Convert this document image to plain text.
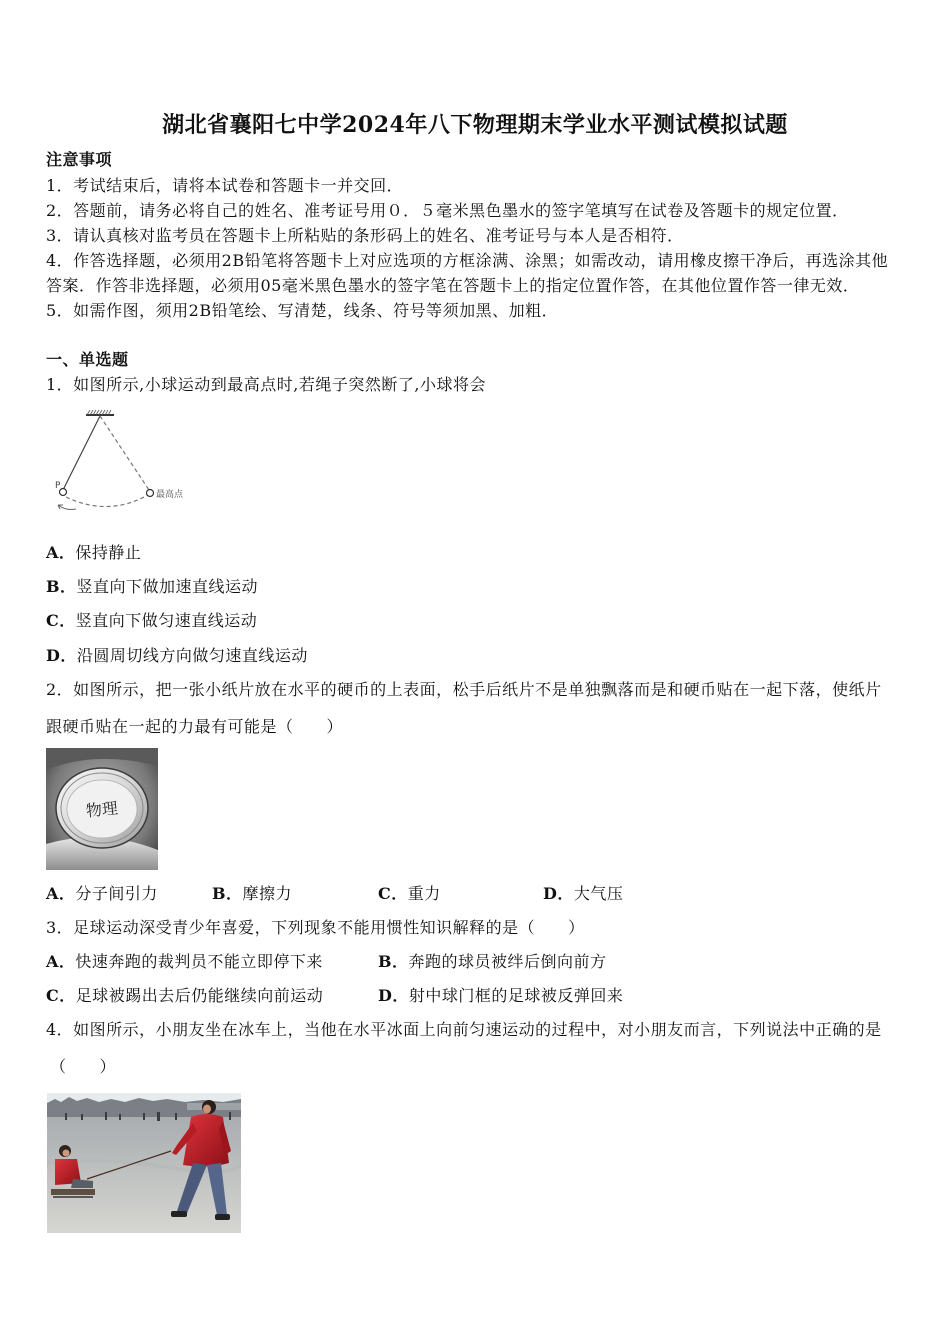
湖北省襄阳七中学2024年八下物理期末学业水平测试模拟试题
注意事项
1．考试结束后，请将本试卷和答题卡一并交回．
2．答题前，请务必将自己的姓名、准考证号用０．５毫米黑色墨水的签字笔填写在试卷及答题卡的规定位置．
3．请认真核对监考员在答题卡上所粘贴的条形码上的姓名、准考证号与本人是否相符．
4．作答选择题，必须用2B铅笔将答题卡上对应选项的方框涂满、涂黑；如需改动，请用橡皮擦干净后，再选涂其他
答案．作答非选择题，必须用05毫米黑色墨水的签字笔在答题卡上的指定位置作答，在其他位置作答一律无效．
5．如需作图，须用2B铅笔绘、写清楚，线条、符号等须加黑、加粗．
一、单选题
1．如图所示,小球运动到最高点时,若绳子突然断了,小球将会
P
最高点
A．保持静止
B．竖直向下做加速直线运动
C．竖直向下做匀速直线运动
D．沿圆周切线方向做匀速直线运动
2．如图所示，把一张小纸片放在水平的硬币的上表面，松手后纸片不是单独飘落而是和硬币贴在一起下落，使纸片
跟硬币贴在一起的力最有可能是（　　）
物理
A．分子间引力	B．摩擦力	C．重力	D．大气压
3．足球运动深受青少年喜爱，下列现象不能用惯性知识解释的是（　　）
A．快速奔跑的裁判员不能立即停下来	B．奔跑的球员被绊后倒向前方
C．足球被踢出去后仍能继续向前运动	D．射中球门框的足球被反弹回来
4．如图所示，小朋友坐在冰车上，当他在水平冰面上向前匀速运动的过程中，对小朋友而言，下列说法中正确的是
（　　）
